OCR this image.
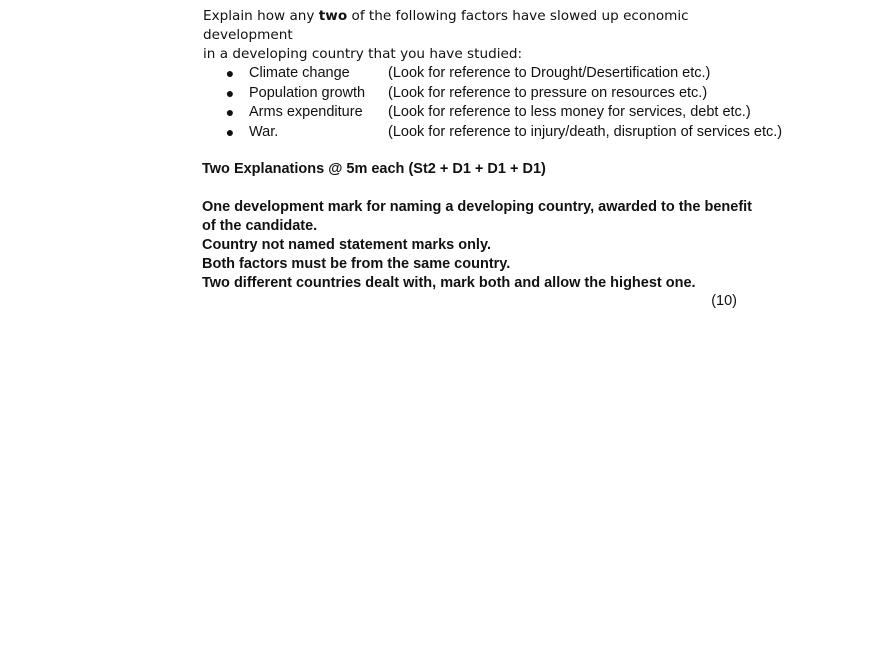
Explain how any two of the following factors have slowed up economic development
in a developing country that you have studied:
● Climate change	(Look for reference to Drought/Desertification etc.)
● Population growth (Look for reference to pressure on resources etc.)
● Arms expenditure (Look for reference to less money for services, debt etc.)
● War.	(Look for reference to injury/death, disruption of services etc.)
Two Explanations @ 5m each (St2 + D1 + D1 + D1)
One development mark for naming a developing country, awarded to the benefit
of the candidate.
Country not named statement marks only.
Both factors must be from the same country.
Two different countries dealt with, mark both and allow the highest one.
(10)
